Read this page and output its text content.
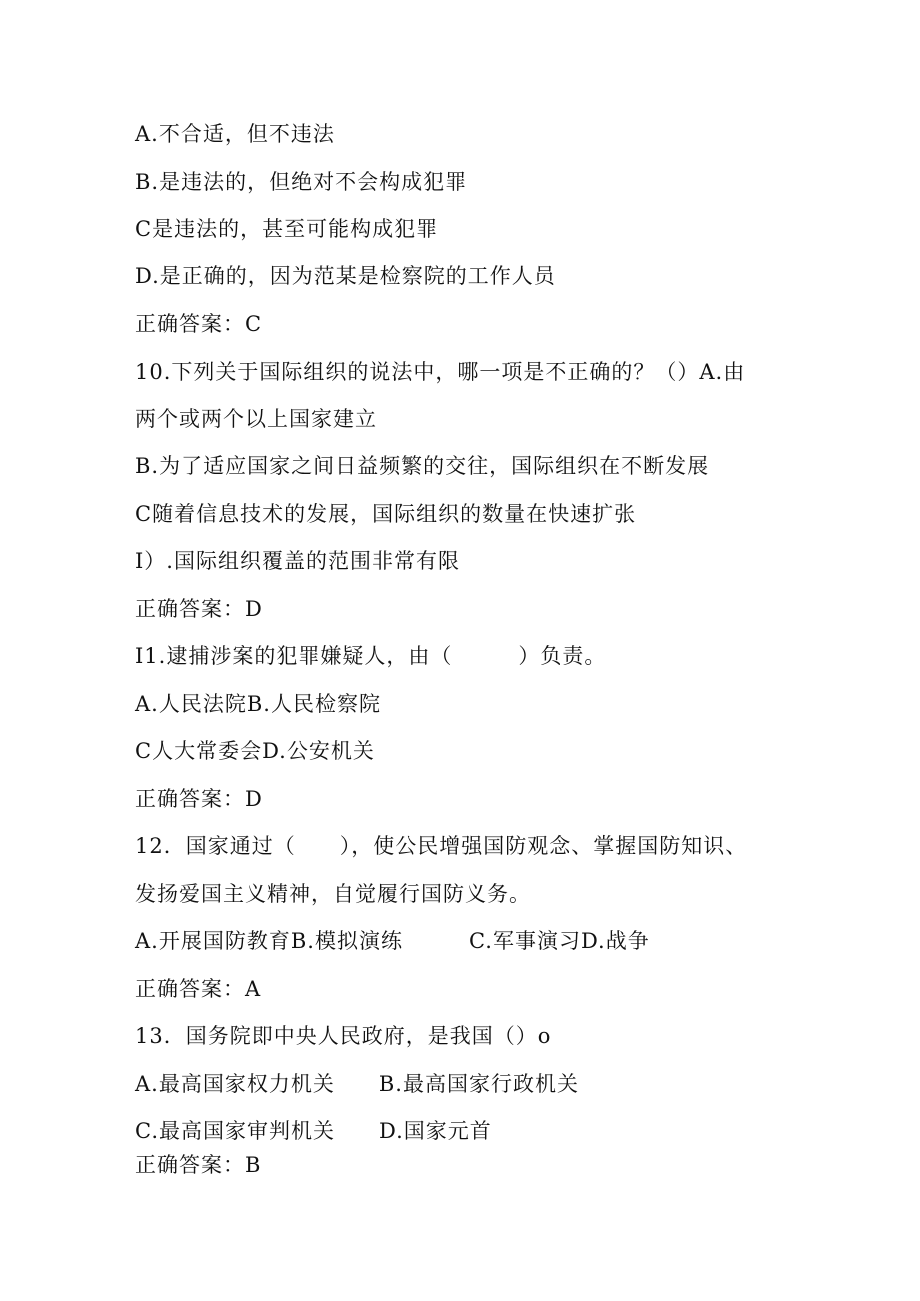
A.不合适，但不违法
B.是违法的，但绝对不会构成犯罪
C是违法的，甚至可能构成犯罪
D.是正确的，因为范某是检察院的工作人员
正确答案：C
10.下列关于国际组织的说法中，哪一项是不正确的？（）A.由
两个或两个以上国家建立
B.为了适应国家之间日益频繁的交往，国际组织在不断发展
C随着信息技术的发展，国际组织的数量在快速扩张
I）.国际组织覆盖的范围非常有限
正确答案：D
I1.逮捕涉案的犯罪嫌疑人，由（　　　）负责。
A.人民法院B.人民检察院
C人大常委会D.公安机关
正确答案：D
12．国家通过（　　），使公民增强国防观念、掌握国防知识、
发扬爱国主义精神，自觉履行国防义务。
A.开展国防教育B.模拟演练　　　C.军事演习D.战争
正确答案：A
13．国务院即中央人民政府，是我国（）o
A.最高国家权力机关　　B.最高国家行政机关
C.最高国家审判机关　　D.国家元首
正确答案：B
